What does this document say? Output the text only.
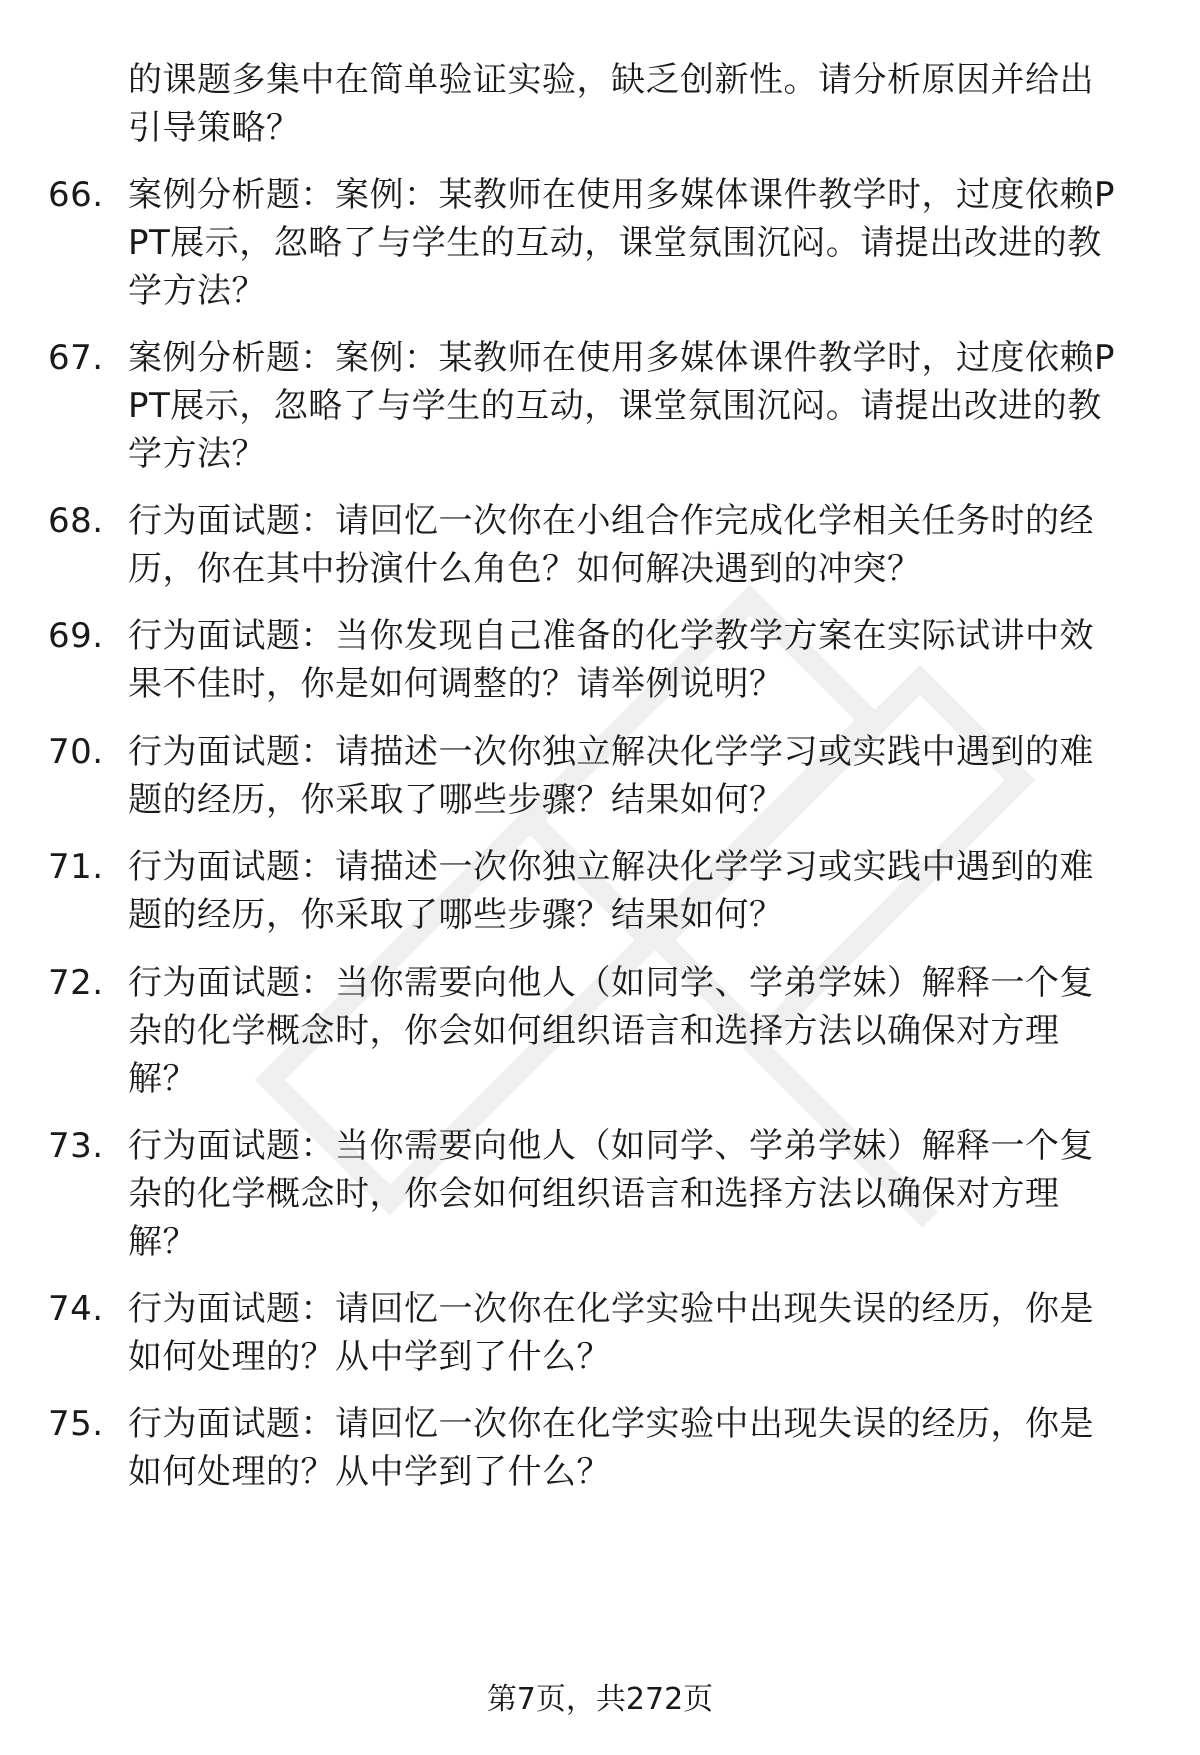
的课题多集中在简单验证实验，缺乏创新性。请分析原因并给出引导策略？
66. 案例分析题：案例：某教师在使用多媒体课件教学时，过度依赖PPT展示，忽略了与学生的互动，课堂氛围沉闷。请提出改进的教学方法？
67. 案例分析题：案例：某教师在使用多媒体课件教学时，过度依赖PPT展示，忽略了与学生的互动，课堂氛围沉闷。请提出改进的教学方法？
68. 行为面试题：请回忆一次你在小组合作完成化学相关任务时的经历，你在其中扮演什么角色？如何解决遇到的冲突？
69. 行为面试题：当你发现自己准备的化学教学方案在实际试讲中效果不佳时，你是如何调整的？请举例说明？
70. 行为面试题：请描述一次你独立解决化学学习或实践中遇到的难题的经历，你采取了哪些步骤？结果如何？
71. 行为面试题：请描述一次你独立解决化学学习或实践中遇到的难题的经历，你采取了哪些步骤？结果如何？
72. 行为面试题：当你需要向他人（如同学、学弟学妹）解释一个复杂的化学概念时，你会如何组织语言和选择方法以确保对方理解？
73. 行为面试题：当你需要向他人（如同学、学弟学妹）解释一个复杂的化学概念时，你会如何组织语言和选择方法以确保对方理解？
74. 行为面试题：请回忆一次你在化学实验中出现失误的经历，你是如何处理的？从中学到了什么？
75. 行为面试题：请回忆一次你在化学实验中出现失误的经历，你是如何处理的？从中学到了什么？
第7页，共272页
